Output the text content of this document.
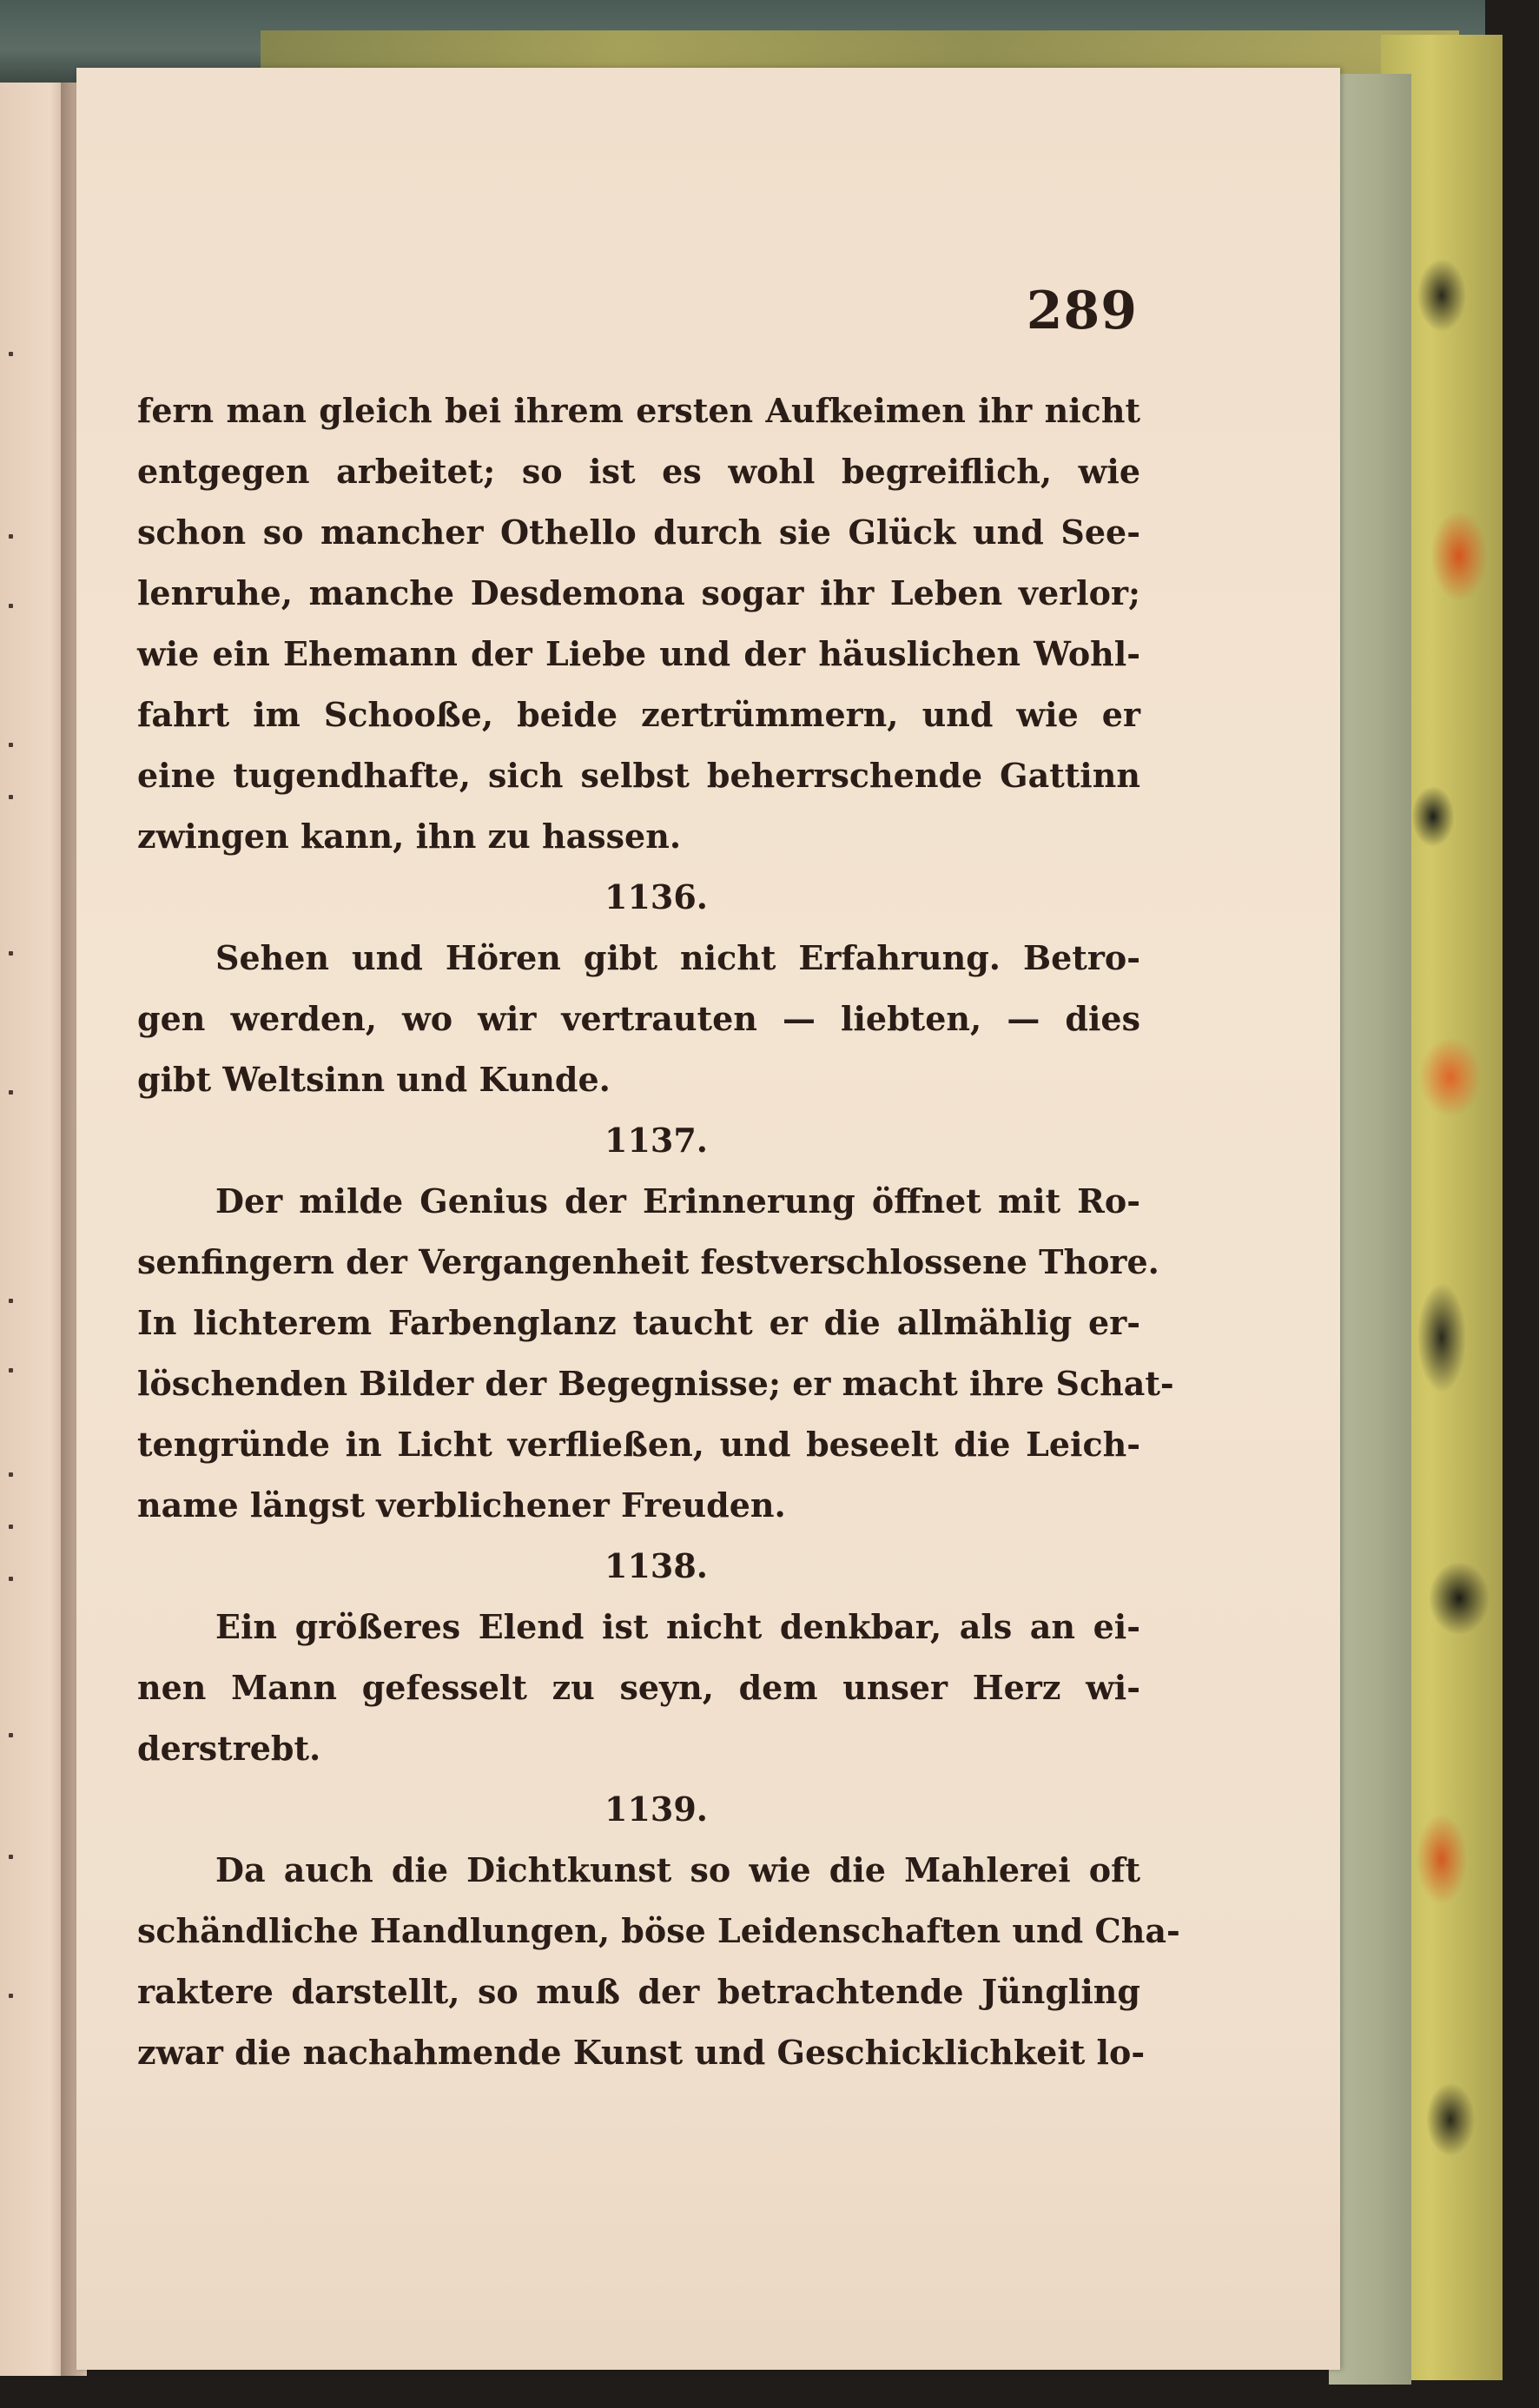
289
fern man gleich bei ihrem ersten Aufkeimen ihr nicht
entgegen arbeitet; so ist es wohl begreiflich, wie
schon so mancher Othello durch sie Glück und See-
lenruhe, manche Desdemona sogar ihr Leben verlor;
wie ein Ehemann der Liebe und der häuslichen Wohl-
fahrt im Schooße, beide zertrümmern, und wie er
eine tugendhafte, sich selbst beherrschende Gattinn
zwingen kann, ihn zu hassen.
1136.
Sehen und Hören gibt nicht Erfahrung. Betro-
gen werden, wo wir vertrauten — liebten, — dies
gibt Weltsinn und Kunde.
1137.
Der milde Genius der Erinnerung öffnet mit Ro-
senfingern der Vergangenheit festverschlossene Thore.
In lichterem Farbenglanz taucht er die allmählig er-
löschenden Bilder der Begegnisse; er macht ihre Schat-
tengründe in Licht verfließen, und beseelt die Leich-
name längst verblichener Freuden.
1138.
Ein größeres Elend ist nicht denkbar, als an ei-
nen Mann gefesselt zu seyn, dem unser Herz wi-
derstrebt.
1139.
Da auch die Dichtkunst so wie die Mahlerei oft
schändliche Handlungen, böse Leidenschaften und Cha-
raktere darstellt, so muß der betrachtende Jüngling
zwar die nachahmende Kunst und Geschicklichkeit lo-
